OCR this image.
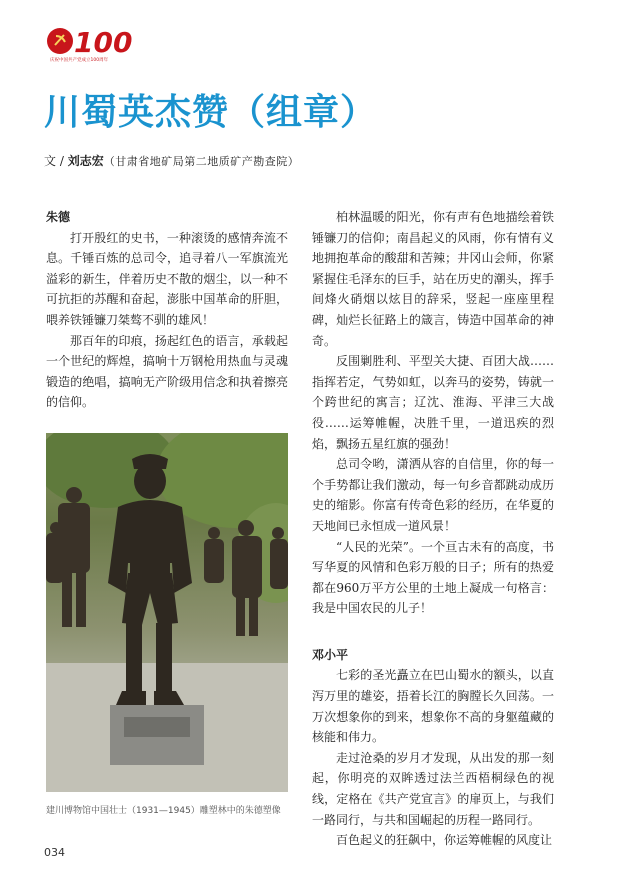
100
庆祝中国共产党成立100周年
川蜀英杰赞（组章）
文 / 刘志宏（甘肃省地矿局第二地质矿产勘查院）

朱德

打开殷红的史书，一种滚烫的感情奔流不息。千锤百炼的总司令，追寻着八一军旗流光溢彩的新生，伴着历史不散的烟尘，以一种不可抗拒的苏醒和奋起，澎胀中国革命的肝胆，喂养铁锤镰刀桀骜不驯的雄风！

那百年的印痕，扬起红色的语言，承载起一个世纪的辉煌，搞响十万钢枪用热血与灵魂锻造的绝唱，搞响无产阶级用信念和执着擦亮的信仰。

建川博物馆中国壮士（1931—1945）雕塑林中的朱德塑像

柏林温暖的阳光，你有声有色地描绘着铁锤镰刀的信仰；南昌起义的风雨，你有情有义地拥抱革命的酸甜和苦辣；井冈山会师，你紧紧握住毛泽东的巨手，站在历史的潮头，挥手间烽火硝烟以炫目的辞采，竖起一座座里程碑，灿烂长征路上的箴言，铸造中国革命的神奇。

反围剿胜利、平型关大捷、百团大战……指挥若定，气势如虹，以奔马的姿势，铸就一个跨世纪的寓言；辽沈、淮海、平津三大战役……运筹帷幄，决胜千里，一道迅疾的烈焰，飘扬五星红旗的强劲！

总司令哟，潇洒从容的自信里，你的每一个手势都让我们激动，每一句乡音都跳动成历史的缩影。你富有传奇色彩的经历，在华夏的天地间已永恒成一道风景！

“人民的光荣”。一个亘古未有的高度，书写华夏的风情和色彩万般的日子；所有的热爱都在960万平方公里的土地上凝成一句格言：我是中国农民的儿子！

邓小平

七彩的圣光矗立在巴山蜀水的额头，以直泻万里的雄姿，捂着长江的胸膛长久回荡。一万次想象你的到来，想象你不高的身躯蕴藏的核能和伟力。

走过沧桑的岁月才发现，从出发的那一刻起，你明亮的双眸透过法兰西梧桐绿色的视线，定格在《共产党宣言》的扉页上，与我们一路同行，与共和国崛起的历程一路同行。

百色起义的狂飙中，你运筹帷幄的风度让

034
